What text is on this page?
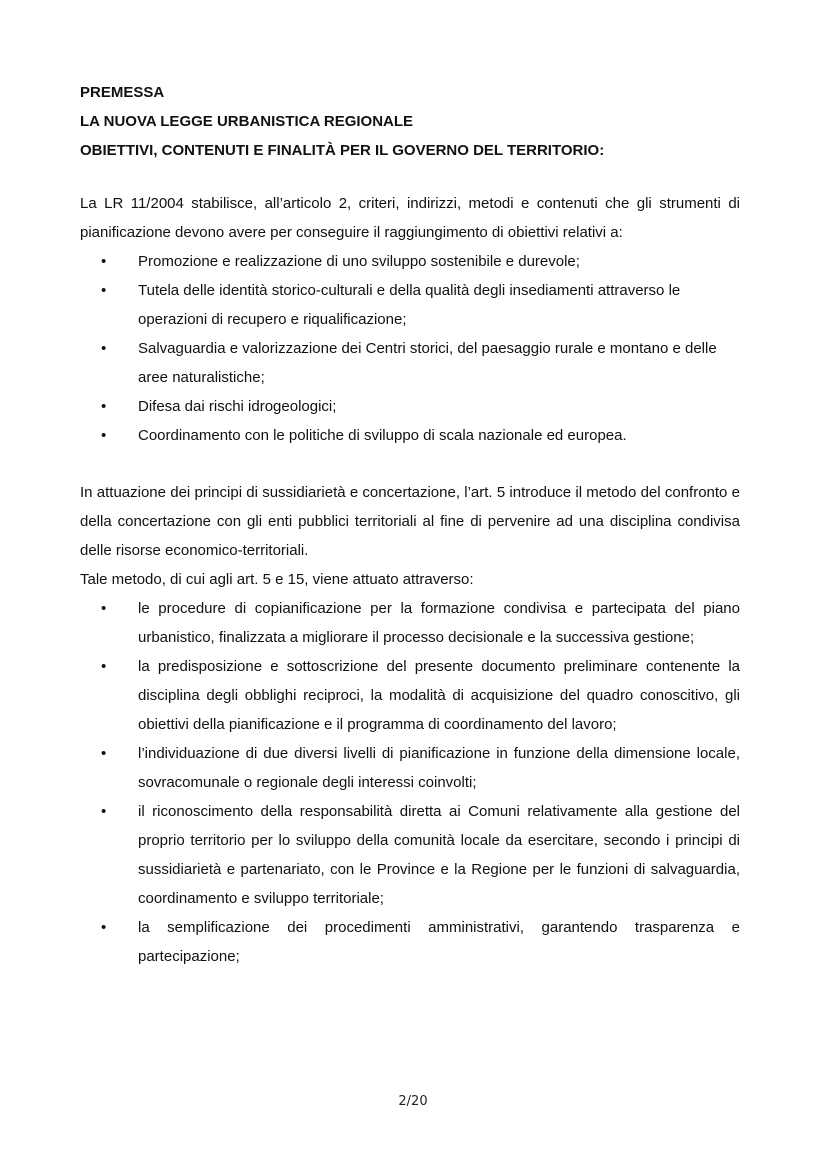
PREMESSA

LA NUOVA LEGGE URBANISTICA REGIONALE

OBIETTIVI, CONTENUTI E FINALITÀ PER IL GOVERNO DEL TERRITORIO:

La LR 11/2004 stabilisce, all’articolo 2, criteri, indirizzi, metodi e contenuti che gli strumenti di pianificazione devono avere per conseguire il raggiungimento di obiettivi relativi a:

• Promozione e realizzazione di uno sviluppo sostenibile e durevole;
• Tutela delle identità storico-culturali e della qualità degli insediamenti attraverso le operazioni di recupero e riqualificazione;
• Salvaguardia e valorizzazione dei Centri storici, del paesaggio rurale e montano e delle aree naturalistiche;
• Difesa dai rischi idrogeologici;
• Coordinamento con le politiche di sviluppo di scala nazionale ed europea.

In attuazione dei principi di sussidiarietà e concertazione, l’art. 5 introduce il metodo del confronto e della concertazione con gli enti pubblici territoriali al fine di pervenire ad una disciplina condivisa delle risorse economico-territoriali.

Tale metodo, di cui agli art. 5 e 15, viene attuato attraverso:

• le procedure di copianificazione per la formazione condivisa e partecipata del piano urbanistico, finalizzata a migliorare il processo decisionale e la successiva gestione;
• la predisposizione e sottoscrizione del presente documento preliminare contenente la disciplina degli obblighi reciproci, la modalità di acquisizione del quadro conoscitivo, gli obiettivi della pianificazione e il programma di coordinamento del lavoro;
• l’individuazione di due diversi livelli di pianificazione in funzione della dimensione locale, sovracomunale o regionale degli interessi coinvolti;
• il riconoscimento della responsabilità diretta ai Comuni relativamente alla gestione del proprio territorio per lo sviluppo della comunità locale da esercitare, secondo i principi di sussidiarietà e partenariato, con le Province e la Regione per le funzioni di salvaguardia, coordinamento e sviluppo territoriale;
• la semplificazione dei procedimenti amministrativi, garantendo trasparenza e partecipazione;
2/20
